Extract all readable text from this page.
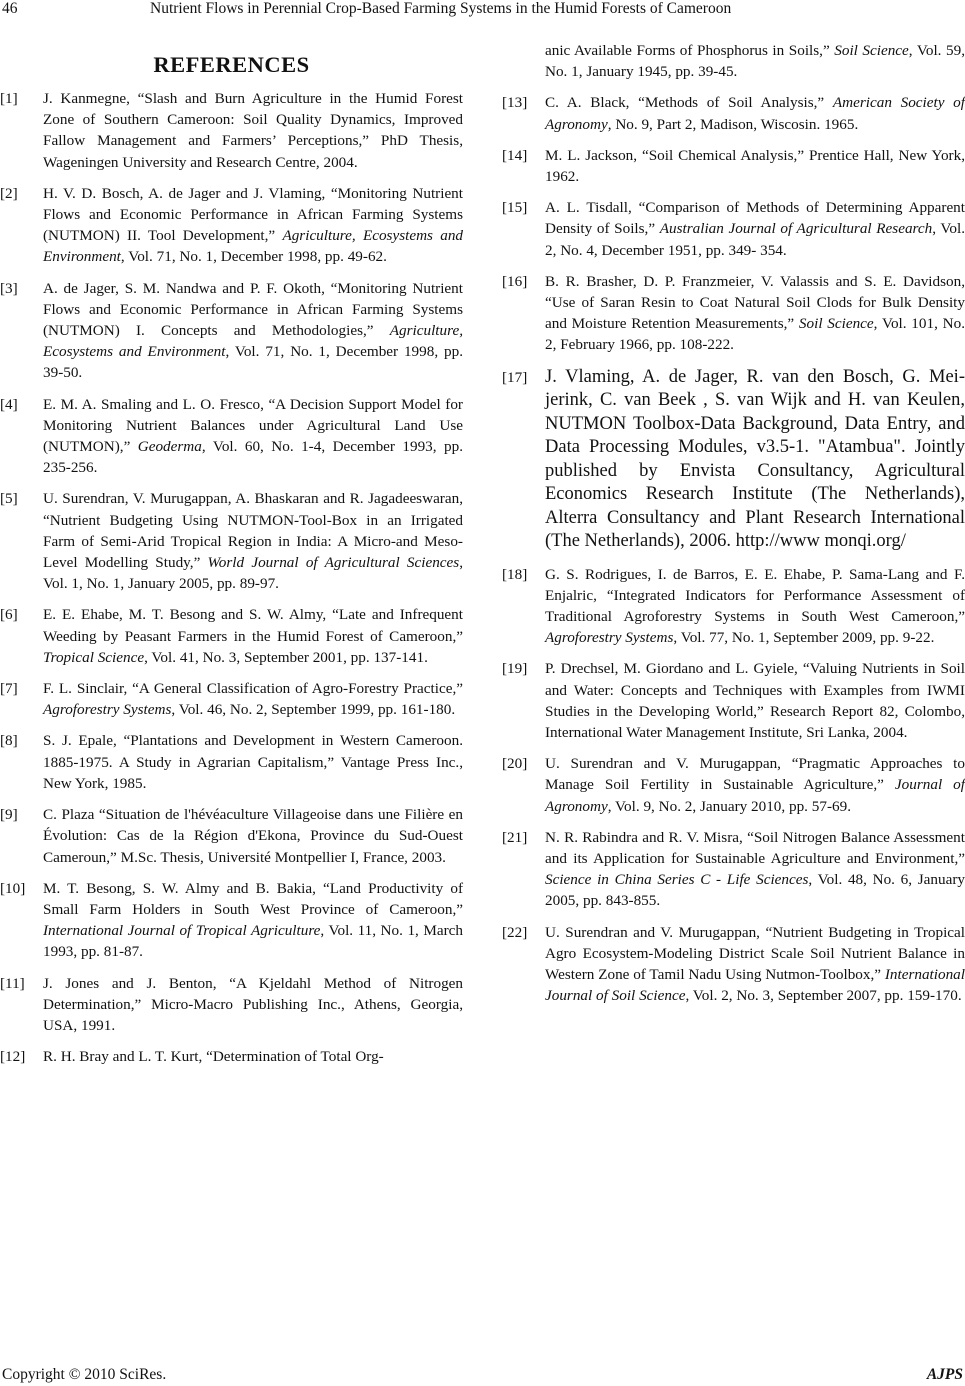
46	Nutrient Flows in Perennial Crop-Based Farming Systems in the Humid Forests of Cameroon
REFERENCES
[1]	J. Kanmegne, “Slash and Burn Agriculture in the Humid Forest Zone of Southern Cameroon: Soil Quality Dynamics, Improved Fallow Management and Farmers’ Perceptions,” PhD Thesis, Wageningen University and Research Centre, 2004.
[2]	H. V. D. Bosch, A. de Jager and J. Vlaming, “Monitoring Nutrient Flows and Economic Performance in African Farming Systems (NUTMON) II. Tool Development,” Agriculture, Ecosystems and Environment, Vol. 71, No. 1, December 1998, pp. 49-62.
[3]	A. de Jager, S. M. Nandwa and P. F. Okoth, “Monitoring Nutrient Flows and Economic Performance in African Farming Systems (NUTMON) I. Concepts and Methodologies,” Agriculture, Ecosystems and Environment, Vol. 71, No. 1, December 1998, pp. 39-50.
[4]	E. M. A. Smaling and L. O. Fresco, “A Decision Support Model for Monitoring Nutrient Balances under Agricultural Land Use (NUTMON),” Geoderma, Vol. 60, No. 1-4, December 1993, pp. 235-256.
[5]	U. Surendran, V. Murugappan, A. Bhaskaran and R. Jagadeeswaran, “Nutrient Budgeting Using NUTMON-Tool-Box in an Irrigated Farm of Semi-Arid Tropical Region in India: A Micro-and Meso-Level Modelling Study,” World Journal of Agricultural Sciences, Vol. 1, No. 1, January 2005, pp. 89-97.
[6]	E. E. Ehabe, M. T. Besong and S. W. Almy, “Late and Infrequent Weeding by Peasant Farmers in the Humid Forest of Cameroon,” Tropical Science, Vol. 41, No. 3, September 2001, pp. 137-141.
[7]	F. L. Sinclair, “A General Classification of Agro-Forestry Practice,” Agroforestry Systems, Vol. 46, No. 2, September 1999, pp. 161-180.
[8]	S. J. Epale, “Plantations and Development in Western Cameroon. 1885-1975. A Study in Agrarian Capitalism,” Vantage Press Inc., New York, 1985.
[9]	C. Plaza “Situation de l'hévéaculture Villageoise dans une Filière en Évolution: Cas de la Région d'Ekona, Province du Sud-Ouest Cameroun,” M.Sc. Thesis, Université Montpellier I, France, 2003.
[10]	M. T. Besong, S. W. Almy and B. Bakia, “Land Productivity of Small Farm Holders in South West Province of Cameroon,” International Journal of Tropical Agriculture, Vol. 11, No. 1, March 1993, pp. 81-87.
[11]	J. Jones and J. Benton, “A Kjeldahl Method of Nitrogen Determination,” Micro-Macro Publishing Inc., Athens, Georgia, USA, 1991.
[12]	R. H. Bray and L. T. Kurt, “Determination of Total Org-
anic Available Forms of Phosphorus in Soils,” Soil Science, Vol. 59, No. 1, January 1945, pp. 39-45.
[13]	C. A. Black, “Methods of Soil Analysis,” American Society of Agronomy, No. 9, Part 2, Madison, Wiscosin. 1965.
[14]	M. L. Jackson, “Soil Chemical Analysis,” Prentice Hall, New York, 1962.
[15]	A. L. Tisdall, “Comparison of Methods of Determining Apparent Density of Soils,” Australian Journal of Agricultural Research, Vol. 2, No. 4, December 1951, pp. 349- 354.
[16]	B. R. Brasher, D. P. Franzmeier, V. Valassis and S. E. Davidson, “Use of Saran Resin to Coat Natural Soil Clods for Bulk Density and Moisture Retention Measurements,” Soil Science, Vol. 101, No. 2, February 1966, pp. 108-222.
[17] J. Vlaming, A. de Jager, R. van den Bosch, G. Meijerink, C. van Beek , S. van Wijk and H. van Keulen, NUTMON Toolbox-Data Background, Data Entry, and Data Processing Modules, v3.5-1. "Atambua". Jointly published by Envista Consultancy, Agricultural Economics Research Institute (The Netherlands), Alterra Consultancy and Plant Research International (The Netherlands), 2006. http://www monqi.org/
[18]	G. S. Rodrigues, I. de Barros, E. E. Ehabe, P. Sama-Lang and F. Enjalric, “Integrated Indicators for Performance Assessment of Traditional Agroforestry Systems in South West Cameroon,” Agroforestry Systems, Vol. 77, No. 1, September 2009, pp. 9-22.
[19]	P. Drechsel, M. Giordano and L. Gyiele, “Valuing Nutrients in Soil and Water: Concepts and Techniques with Examples from IWMI Studies in the Developing World,” Research Report 82, Colombo, International Water Management Institute, Sri Lanka, 2004.
[20]	U. Surendran and V. Murugappan, “Pragmatic Approaches to Manage Soil Fertility in Sustainable Agriculture,” Journal of Agronomy, Vol. 9, No. 2, January 2010, pp. 57-69.
[21]	N. R. Rabindra and R. V. Misra, “Soil Nitrogen Balance Assessment and its Application for Sustainable Agriculture and Environment,” Science in China Series C - Life Sciences, Vol. 48, No. 6, January 2005, pp. 843-855.
[22]	U. Surendran and V. Murugappan, “Nutrient Budgeting in Tropical Agro Ecosystem-Modeling District Scale Soil Nutrient Balance in Western Zone of Tamil Nadu Using Nutmon-Toolbox,” International Journal of Soil Science, Vol. 2, No. 3, September 2007, pp. 159-170.
Copyright © 2010 SciRes.	AJPS
